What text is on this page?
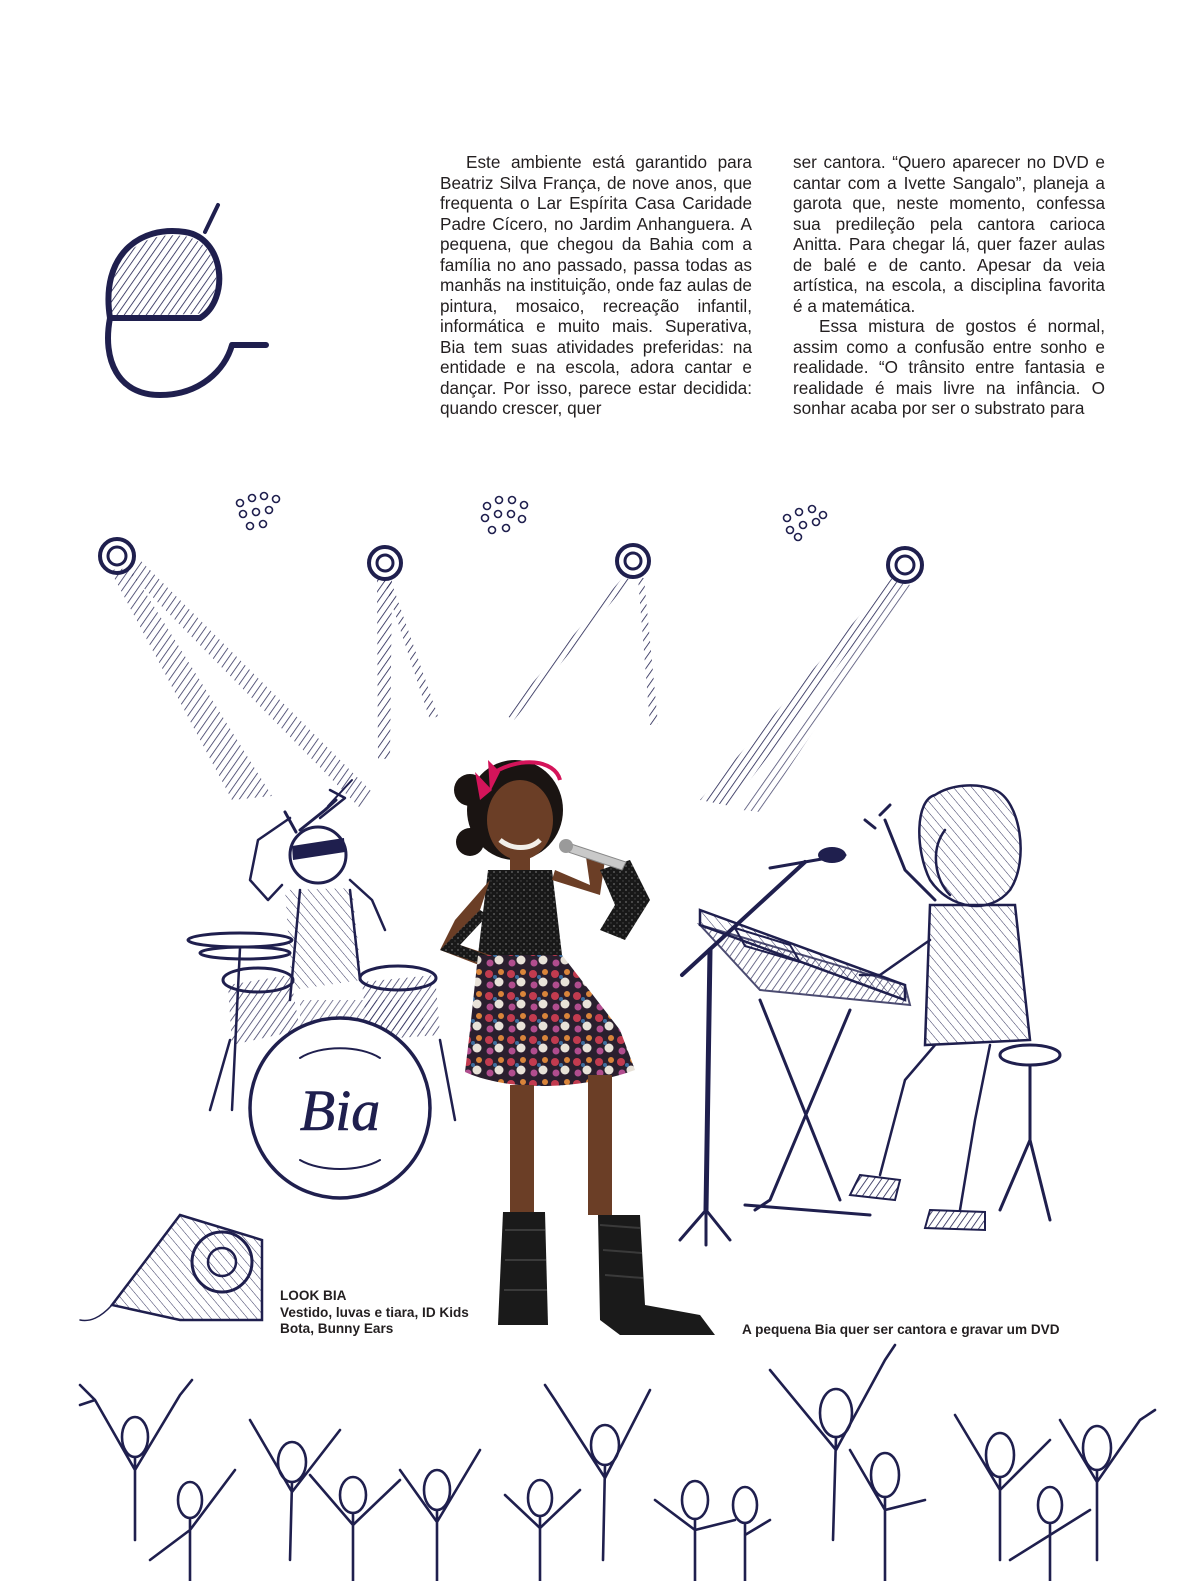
Bia

Este ambiente está garantido para Beatriz Silva França, de nove anos, que frequenta o Lar Espírita Casa Caridade Padre Cícero, no Jardim Anhanguera. A pequena, que chegou da Bahia com a família no ano passado, passa todas as manhãs na instituição, onde faz aulas de pintura, mosaico, recreação infantil, informática e muito mais. Superativa, Bia tem suas atividades preferidas: na entidade e na escola, adora cantar e dançar. Por isso, parece estar decidida: quando crescer, quer

ser cantora. “Quero aparecer no DVD e cantar com a Ivette Sangalo”, planeja a garota que, neste momento, confessa sua predileção pela cantora carioca Anitta. Para chegar lá, quer fazer aulas de balé e de canto. Apesar da veia artística, na escola, a disciplina favorita é a matemática.

Essa mistura de gostos é normal, assim como a confusão entre sonho e realidade. “O trânsito entre fantasia e realidade é mais livre na infância. O sonhar acaba por ser o substrato para

LOOK BIA
Vestido, luvas e tiara, ID Kids
Bota, Bunny Ears	A pequena Bia quer ser cantora e gravar um DVD
